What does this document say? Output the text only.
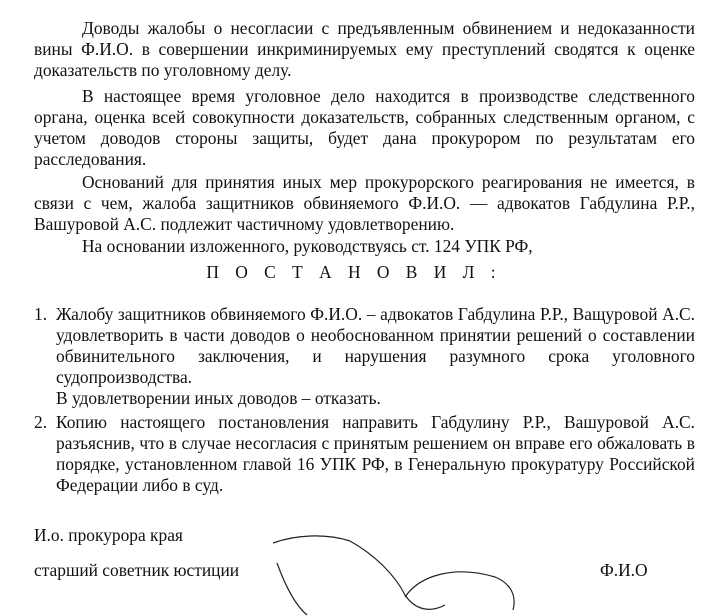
Доводы жалобы о несогласии с предъявленным обвинением и недоказанности вины Ф.И.О. в совершении инкриминируемых ему преступлений сводятся к оценке доказательств по уголовному делу.

В настоящее время уголовное дело находится в производстве следственного органа, оценка всей совокупности доказательств, собранных следственным органом, с учетом доводов стороны защиты, будет дана прокурором по результатам его расследования.

Оснований для принятия иных мер прокурорского реагирования не имеется, в связи с чем, жалоба защитников обвиняемого Ф.И.О. — адвокатов Габдулина Р.Р., Вашуровой А.С. подлежит частичному удовлетворению.

На основании изложенного, руководствуясь ст. 124 УПК РФ,

П О С Т А Н О В И Л :

1. Жалобу защитников обвиняемого Ф.И.О. – адвокатов Габдулина Р.Р., Ващуровой А.С. удовлетворить в части доводов о необоснованном принятии решений о составлении обвинительного заключения, и нарушения разумного срока уголовного судопроизводства.

В удовлетворении иных доводов – отказать.

2. Копию настоящего постановления направить Габдулину Р.Р., Вашуровой А.С. разъяснив, что в случае несогласия с принятым решением он вправе его обжаловать в порядке, установленном главой 16 УПК РФ, в Генеральную прокуратуру Российской Федерации либо в суд.

И.о. прокурора края

старший советник юстиции	Ф.И.О
